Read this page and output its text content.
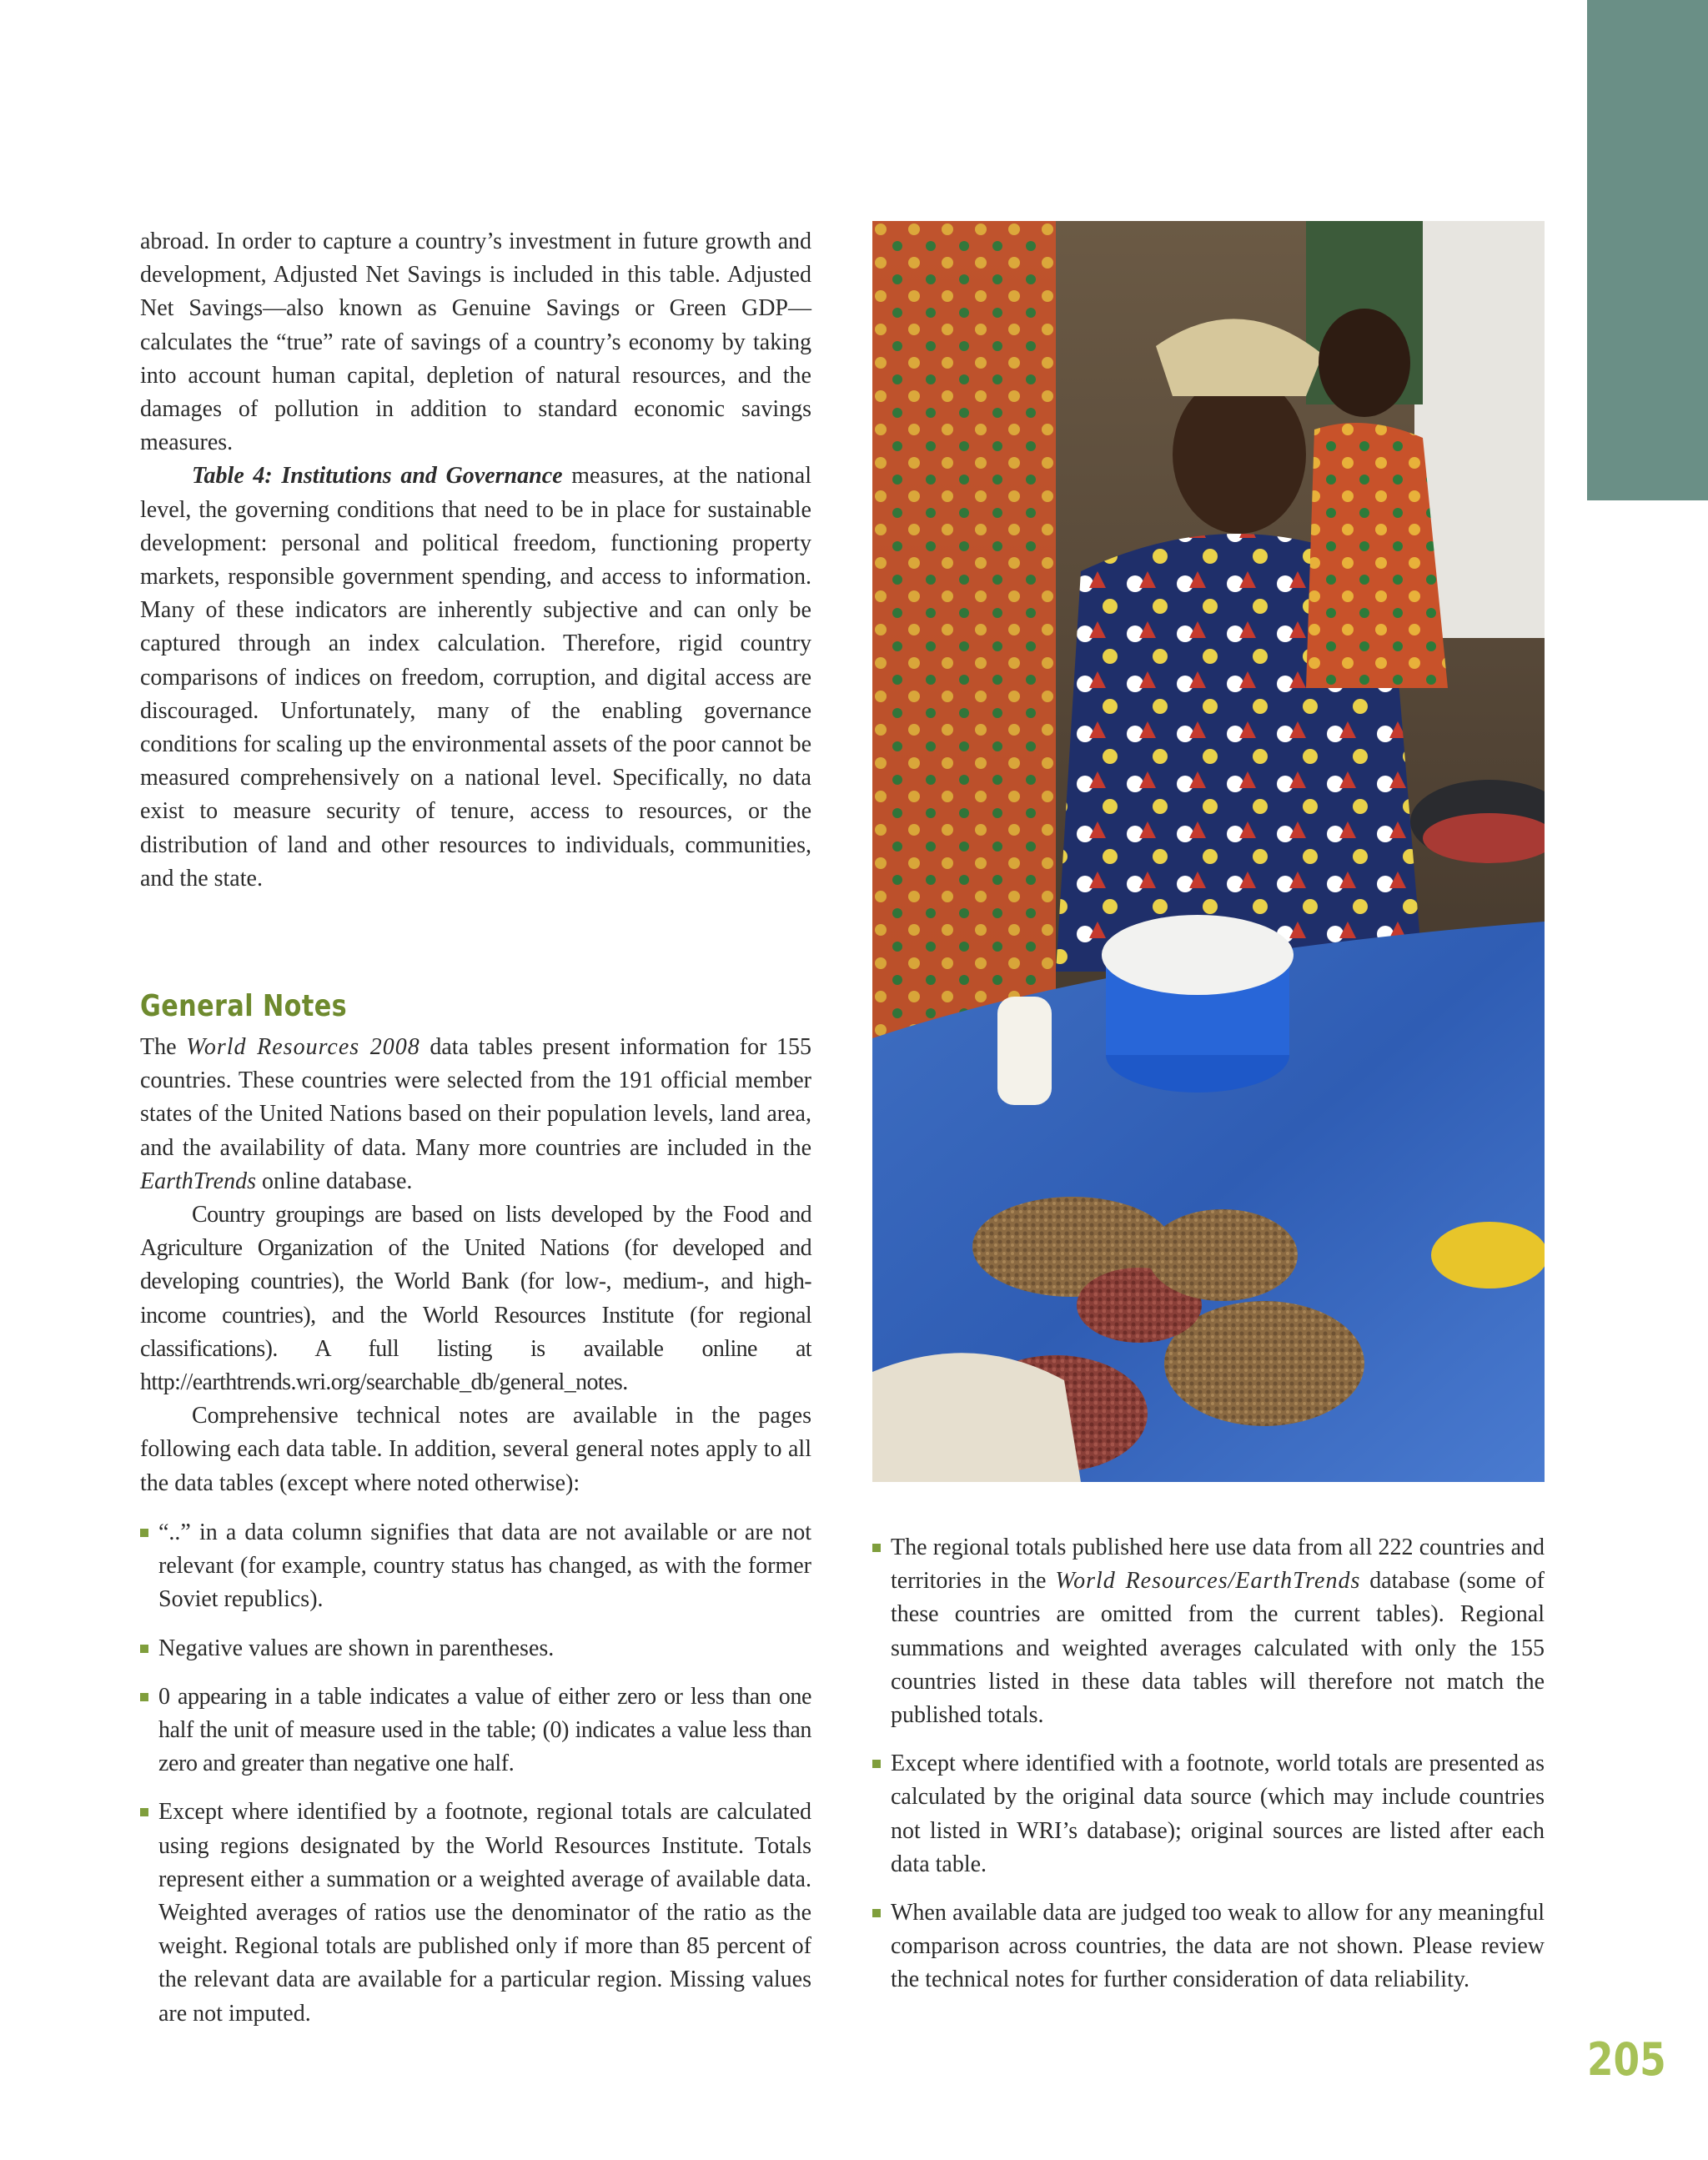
abroad. In order to capture a country’s investment in future growth and development, Adjusted Net Savings is included in this table. Adjusted Net Savings—also known as Genuine Savings or Green GDP—calculates the “true” rate of savings of a country’s economy by taking into account human capital, depletion of natural resources, and the damages of pollution in addition to standard economic savings measures.

Table 4: Institutions and Governance measures, at the national level, the governing conditions that need to be in place for sustainable development: personal and political freedom, functioning property markets, responsible government spending, and access to information. Many of these indicators are inherently subjective and can only be captured through an index calculation. Therefore, rigid country comparisons of indices on freedom, corruption, and digital access are discouraged. Unfortunately, many of the enabling governance conditions for scaling up the environmental assets of the poor cannot be measured comprehensively on a national level. Specifically, no data exist to measure security of tenure, access to resources, or the distribution of land and other resources to individuals, communities, and the state.

General Notes

The World Resources 2008 data tables present information for 155 countries. These countries were selected from the 191 official member states of the United Nations based on their population levels, land area, and the availability of data. Many more countries are included in the EarthTrends online database.

Country groupings are based on lists developed by the Food and Agriculture Organization of the United Nations (for developed and developing countries), the World Bank (for low-, medium-, and high-income countries), and the World Resources Institute (for regional classifications). A full listing is available online at http://earthtrends.wri.org/searchable_db/general_notes.

Comprehensive technical notes are available in the pages following each data table. In addition, several general notes apply to all the data tables (except where noted otherwise):

“..” in a data column signifies that data are not available or are not relevant (for example, country status has changed, as with the former Soviet republics).

Negative values are shown in parentheses.

0 appearing in a table indicates a value of either zero or less than one half the unit of measure used in the table; (0) indicates a value less than zero and greater than negative one half.

Except where identified by a footnote, regional totals are calculated using regions designated by the World Resources Institute. Totals represent either a summation or a weighted average of available data. Weighted averages of ratios use the denominator of the ratio as the weight. Regional totals are published only if more than 85 percent of the relevant data are available for a particular region. Missing values are not imputed.

The regional totals published here use data from all 222 countries and territories in the World Resources/EarthTrends database (some of these countries are omitted from the current tables). Regional summations and weighted averages calculated with only the 155 countries listed in these data tables will therefore not match the published totals.

Except where identified with a footnote, world totals are presented as calculated by the original data source (which may include countries not listed in WRI’s database); original sources are listed after each data table.

When available data are judged too weak to allow for any meaningful comparison across countries, the data are not shown. Please review the technical notes for further consideration of data reliability.

205
